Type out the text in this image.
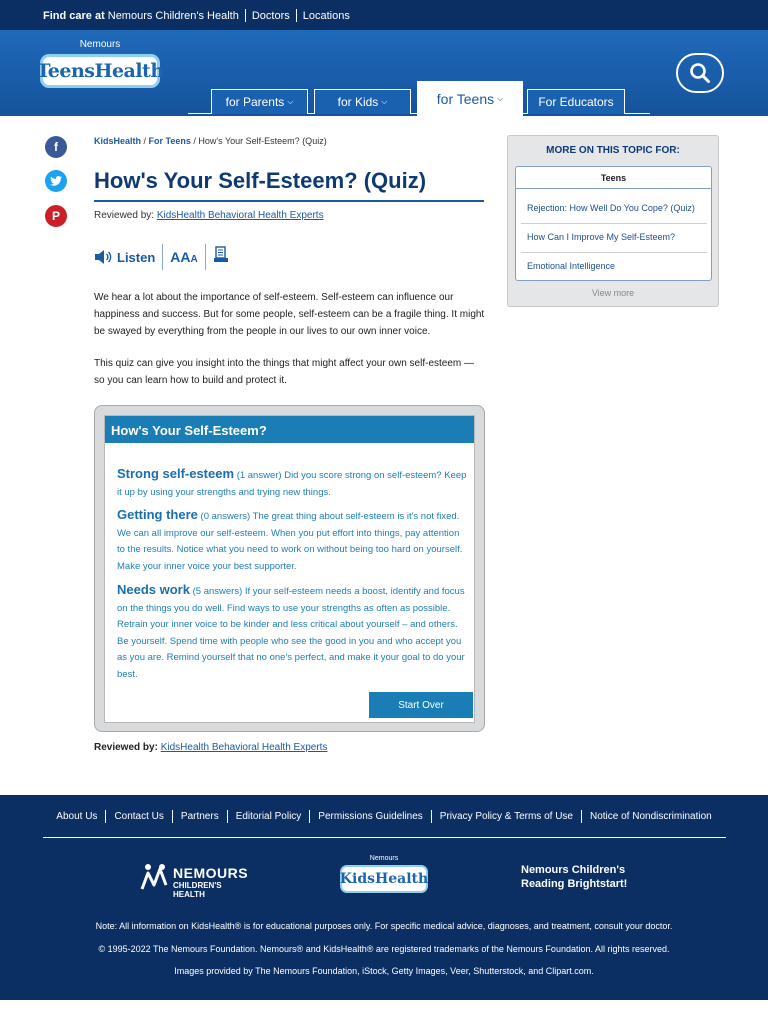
Find care at Nemours Children's Health Doctors Locations
Nemours
TeensHealth
for Parents ⌵	for Kids ⌵	for Teens ⌵	For Educators
f
P
KidsHealth / For Teens / How's Your Self-Esteem? (Quiz)
How's Your Self-Esteem? (Quiz)
Reviewed by: KidsHealth Behavioral Health Experts
Listen AAA

We hear a lot about the importance of self-esteem. Self-esteem can influence our happiness and success. But for some people, self-esteem can be a fragile thing. It might be swayed by everything from the people in our lives to our own inner voice.

This quiz can give you insight into the things that might affect your own self-esteem — so you can learn how to build and protect it.

How's Your Self-Esteem?
Strong self-esteem (1 answer) Did you score strong on self-esteem? Keep it up by using your strengths and trying new things.
Getting there (0 answers) The great thing about self-esteem is it's not fixed. We can all improve our self-esteem. When you put effort into things, pay attention to the results. Notice what you need to work on without being too hard on yourself. Make your inner voice your best supporter.
Needs work (5 answers) If your self-esteem needs a boost, identify and focus on the things you do well. Find ways to use your strengths as often as possible. Retrain your inner voice to be kinder and less critical about yourself – and others. Be yourself. Spend time with people who see the good in you and who accept you as you are. Remind yourself that no one's perfect, and make it your goal to do your best.
Start Over
Reviewed by: KidsHealth Behavioral Health Experts
MORE ON THIS TOPIC FOR:
Teens
Rejection: How Well Do You Cope? (Quiz)
How Can I Improve My Self-Esteem?
Emotional Intelligence
View more
About Us Contact Us Partners Editorial Policy Permissions Guidelines Privacy Policy & Terms of Use Notice of Nondiscrimination
NEMOURS
CHILDREN'S HEALTH
Nemours
KidsHealth
Nemours Children's
Reading Brightstart!
Note: All information on KidsHealth® is for educational purposes only. For specific medical advice, diagnoses, and treatment, consult your doctor.
© 1995-2022 The Nemours Foundation. Nemours® and KidsHealth® are registered trademarks of the Nemours Foundation. All rights reserved.
Images provided by The Nemours Foundation, iStock, Getty Images, Veer, Shutterstock, and Clipart.com.
